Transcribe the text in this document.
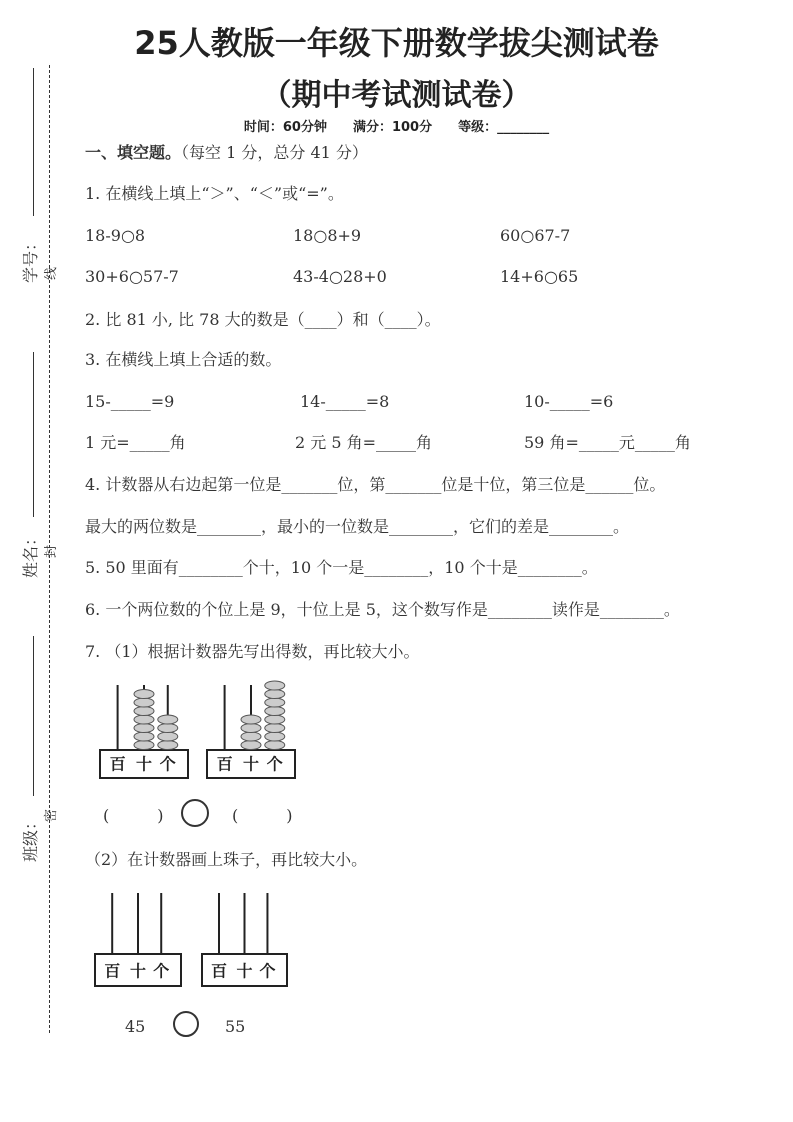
25人教版一年级下册数学拔尖测试卷
（期中考试测试卷）
时间：60分钟　　满分：100分　　等级：________
学号： 线
姓名： 封
班级： 密
一、填空题。（每空 1 分，总分 41 分）
1. 在横线上填上“＞”、“＜”或“=”。
18-9○8	18○8+9	60○67-7
30+6○57-7	43-4○28+0	14+6○65
2. 比 81 小, 比 78 大的数是（____）和（____）。
3. 在横线上填上合适的数。
15-_____=9	14-_____=8	10-_____=6
1 元=_____角	2 元 5 角=_____角	59 角=_____元_____角
4. 计数器从右边起第一位是_______位，第_______位是十位，第三位是______位。
最大的两位数是________，最小的一位数是________，它们的差是________。
5. 50 里面有________个十，10 个一是________，10 个十是________。
6. 一个两位数的个位上是 9，十位上是 5，这个数写作是________读作是________。
7. （1）根据计数器先写出得数，再比较大小。
百 十 个	百 十 个
(　　　)	(　　　)
（2）在计数器画上珠子，再比较大小。
百 十 个	百 十 个
45	55
